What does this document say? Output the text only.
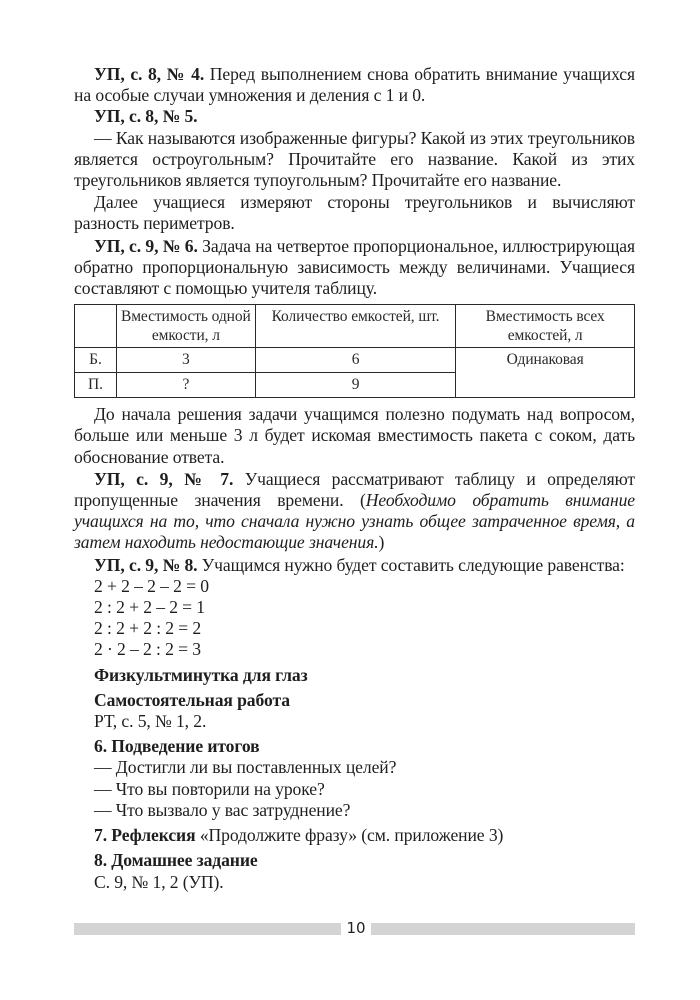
УП, с. 8, № 4. Перед выполнением снова обратить внимание учащихся на особые случаи умножения и деления с 1 и 0.

УП, с. 8, № 5.

— Как называются изображенные фигуры? Какой из этих треугольников является остроугольным? Прочитайте его название. Какой из этих треугольников является тупоугольным? Прочитайте его название.

Далее учащиеся измеряют стороны треугольников и вычисляют разность периметров.

УП, с. 9, № 6. Задача на четвертое пропорциональное, иллюстрирующая обратно пропорциональную зависимость между величинами. Учащиеся составляют с помощью учителя таблицу.

	Вместимость одной емкости, л	Количество емкостей, шт.	Вместимость всех емкостей, л
Б.	3	6	Одинаковая
П.	?	9	

До начала решения задачи учащимся полезно подумать над вопросом, больше или меньше 3 л будет искомая вместимость пакета с соком, дать обоснование ответа.

УП, с. 9, № 7. Учащиеся рассматривают таблицу и определяют пропущенные значения времени. (Необходимо обратить внимание учащихся на то, что сначала нужно узнать общее затраченное время, а затем находить недостающие значения.)

УП, с. 9, № 8. Учащимся нужно будет составить следующие равенства:

2 + 2 – 2 – 2 = 0

2 : 2 + 2 – 2 = 1

2 : 2 + 2 : 2 = 2

2 · 2 – 2 : 2 = 3

Физкультминутка для глаз

Самостоятельная работа

РТ, с. 5, № 1, 2.

6. Подведение итогов

— Достигли ли вы поставленных целей?

— Что вы повторили на уроке?

— Что вызвало у вас затруднение?

7. Рефлексия «Продолжите фразу» (см. приложение 3)

8. Домашнее задание

С. 9, № 1, 2 (УП).

10
